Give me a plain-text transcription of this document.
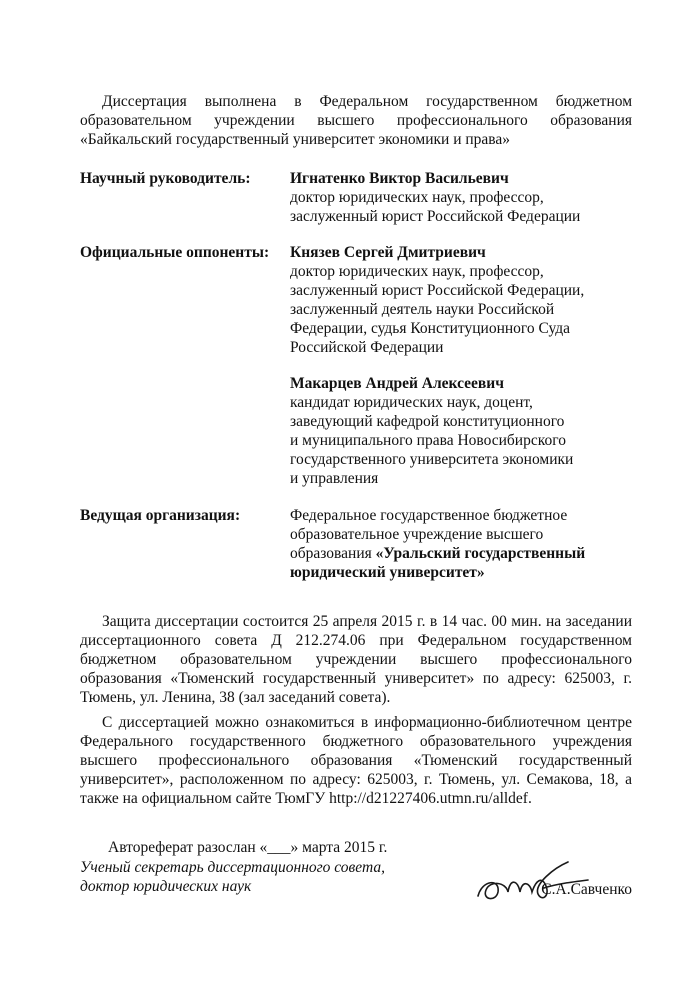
Диссертация выполнена в Федеральном государственном бюджетном образовательном учреждении высшего профессионального образования «Байкальский государственный университет экономики и права»

Научный руководитель:	Игнатенко Виктор Васильевич
доктор юридических наук, профессор,
заслуженный юрист Российской Федерации
Официальные оппоненты:	Князев Сергей Дмитриевич
доктор юридических наук, профессор,
заслуженный юрист Российской Федерации,
заслуженный деятель науки Российской
Федерации, судья Конституционного Суда
Российской Федерации
Макарцев Андрей Алексеевич
кандидат юридических наук, доцент,
заведующий кафедрой конституционного
и муниципального права Новосибирского
государственного университета экономики
и управления
Ведущая организация:	Федеральное государственное бюджетное
образовательное учреждение высшего
образования «Уральский государственный
юридический университет»

Защита диссертации состоится 25 апреля 2015 г. в 14 час. 00 мин. на заседании диссертационного совета Д 212.274.06 при Федеральном государственном бюджетном образовательном учреждении высшего профессионального образования «Тюменский государственный университет» по адресу: 625003, г. Тюмень, ул. Ленина, 38 (зал заседаний совета).

С диссертацией можно ознакомиться в информационно-библиотечном центре Федерального государственного бюджетного образовательного учреждения высшего профессионального образования «Тюменский государственный университет», расположенном по адресу: 625003, г. Тюмень, ул. Семакова, 18, а также на официальном сайте ТюмГУ http://d21227406.utmn.ru/alldef.

Автореферат разослан «___» марта 2015 г.
Ученый секретарь диссертационного совета,
доктор юридических наук	С.А.Савченко
